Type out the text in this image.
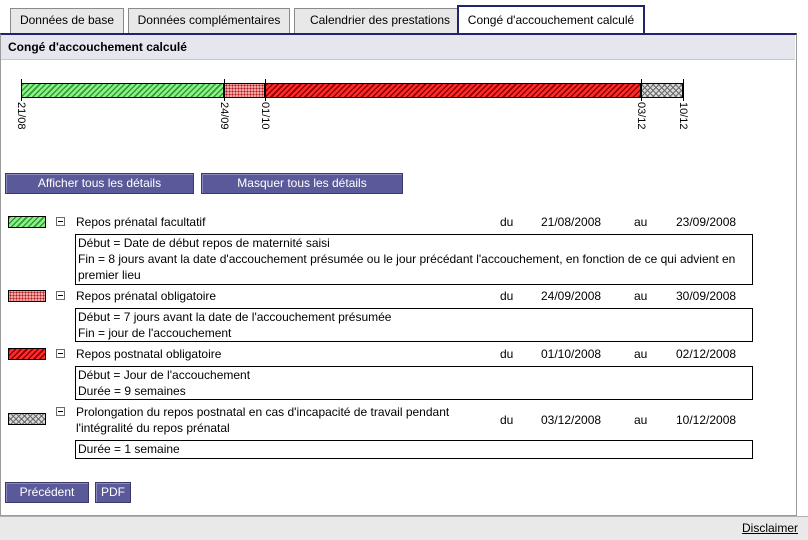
Données de base	Données complémentaires	Calendrier des prestations	Congé d'accouchement calculé
Congé d'accouchement calculé
21/08	24/09	01/10	03/12	10/12
Afficher tous les détails	Masquer tous les détails
Repos prénatal facultatif	du 21/08/2008	au 23/09/2008
Début = Date de début repos de maternité saisi
Fin = 8 jours avant la date d'accouchement présumée ou le jour précédant l'accouchement, en fonction de ce qui advient en premier lieu
Repos prénatal obligatoire	du 24/09/2008	au 30/09/2008
Début = 7 jours avant la date de l'accouchement présumée
Fin = jour de l'accouchement
Repos postnatal obligatoire	du 01/10/2008	au 02/12/2008
Début = Jour de l'accouchement
Durée = 9 semaines
Prolongation du repos postnatal en cas d'incapacité de travail pendant
l'intégralité du repos prénatal
du 03/12/2008	au 10/12/2008
Durée = 1 semaine
Précédent	PDF
Disclaimer
